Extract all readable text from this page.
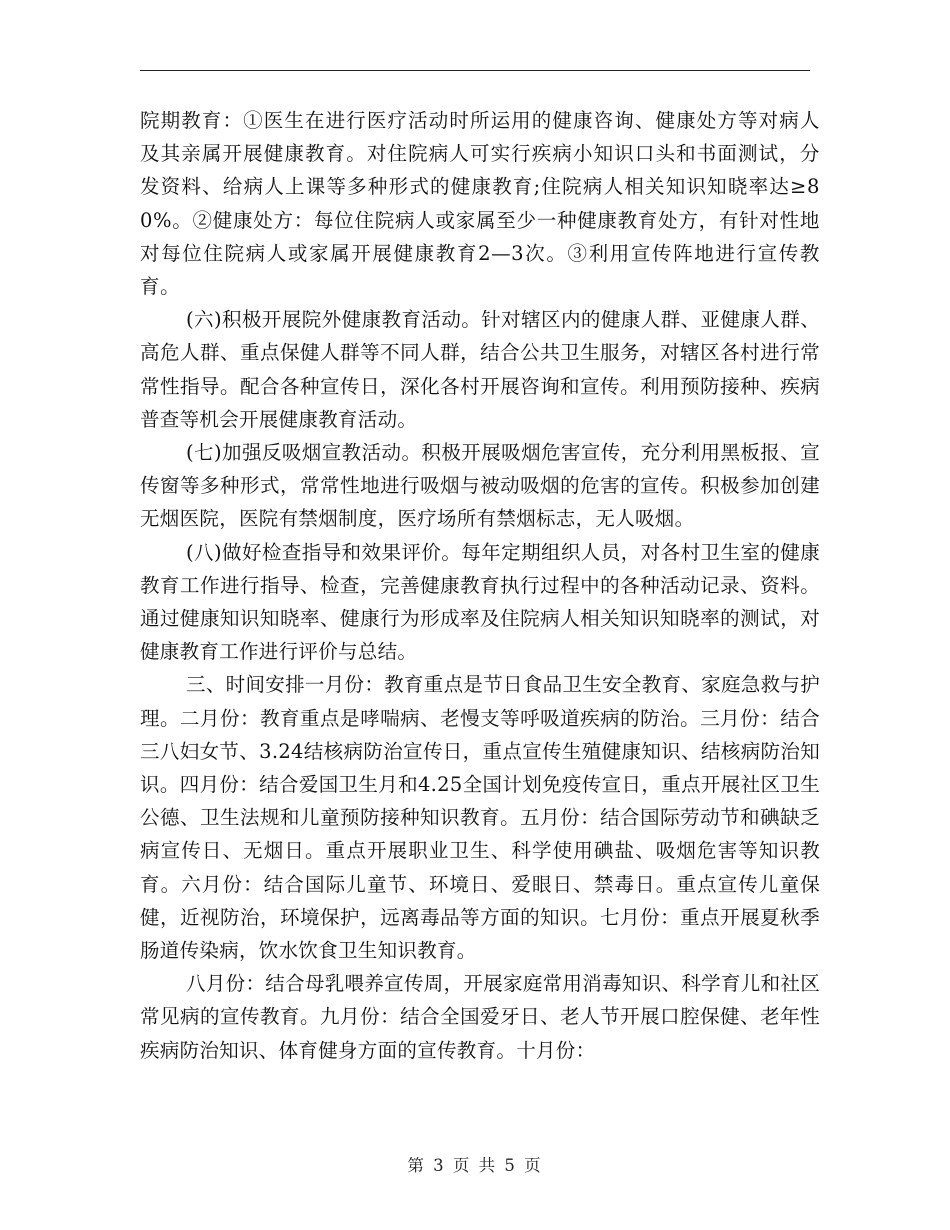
院期教育：①医生在进行医疗活动时所运用的健康咨询、健康处方等对病人及其亲属开展健康教育。对住院病人可实行疾病小知识口头和书面测试，分发资料、给病人上课等多种形式的健康教育;住院病人相关知识知晓率达≥80%。②健康处方：每位住院病人或家属至少一种健康教育处方，有针对性地对每位住院病人或家属开展健康教育2—3次。③利用宣传阵地进行宣传教育。

(六)积极开展院外健康教育活动。针对辖区内的健康人群、亚健康人群、高危人群、重点保健人群等不同人群，结合公共卫生服务，对辖区各村进行常常性指导。配合各种宣传日，深化各村开展咨询和宣传。利用预防接种、疾病普查等机会开展健康教育活动。

(七)加强反吸烟宣教活动。积极开展吸烟危害宣传，充分利用黑板报、宣传窗等多种形式，常常性地进行吸烟与被动吸烟的危害的宣传。积极参加创建无烟医院，医院有禁烟制度，医疗场所有禁烟标志，无人吸烟。

(八)做好检查指导和效果评价。每年定期组织人员，对各村卫生室的健康教育工作进行指导、检查，完善健康教育执行过程中的各种活动记录、资料。通过健康知识知晓率、健康行为形成率及住院病人相关知识知晓率的测试，对健康教育工作进行评价与总结。

三、时间安排一月份：教育重点是节日食品卫生安全教育、家庭急救与护理。二月份：教育重点是哮喘病、老慢支等呼吸道疾病的防治。三月份：结合三八妇女节、3.24结核病防治宣传日，重点宣传生殖健康知识、结核病防治知识。四月份：结合爱国卫生月和4.25全国计划免疫传宣日，重点开展社区卫生公德、卫生法规和儿童预防接种知识教育。五月份：结合国际劳动节和碘缺乏病宣传日、无烟日。重点开展职业卫生、科学使用碘盐、吸烟危害等知识教育。六月份：结合国际儿童节、环境日、爱眼日、禁毒日。重点宣传儿童保健，近视防治，环境保护，远离毒品等方面的知识。七月份：重点开展夏秋季肠道传染病，饮水饮食卫生知识教育。

八月份：结合母乳喂养宣传周，开展家庭常用消毒知识、科学育儿和社区常见病的宣传教育。九月份：结合全国爱牙日、老人节开展口腔保健、老年性疾病防治知识、体育健身方面的宣传教育。十月份：

第 3 页 共 5 页
